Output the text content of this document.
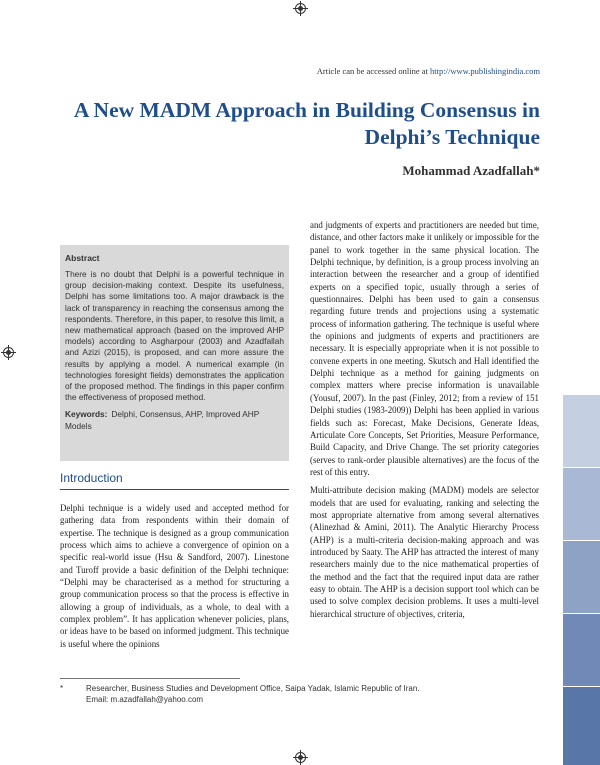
Article can be accessed online at http://www.publishingindia.com
A New MADM Approach in Building Consensus in Delphi’s Technique
Mohammad Azadfallah*
Abstract

There is no doubt that Delphi is a powerful technique in group decision-making context. Despite its usefulness, Delphi has some limitations too. A major drawback is the lack of transparency in reaching the consensus among the respondents. Therefore, in this paper, to resolve this limit, a new mathematical approach (based on the improved AHP models) according to Asgharpour (2003) and Azadfallah and Azizi (2015), is proposed, and can more assure the results by applying a model. A numerical example (in technologies foresight fields) demonstrates the application of the proposed method. The findings in this paper confirm the effectiveness of proposed method.

Keywords: Delphi, Consensus, AHP, Improved AHP Models
Introduction

Delphi technique is a widely used and accepted method for gathering data from respondents within their domain of expertise. The technique is designed as a group communication process which aims to achieve a convergence of opinion on a specific real-world issue (Hsu & Sandford, 2007). Linestone and Turoff provide a basic definition of the Delphi technique: “Delphi may be characterised as a method for structuring a group communication process so that the process is effective in allowing a group of individuals, as a whole, to deal with a complex problem”. It has application whenever policies, plans, or ideas have to be based on informed judgment. This technique is useful where the opinions

and judgments of experts and practitioners are needed but time, distance, and other factors make it unlikely or impossible for the panel to work together in the same physical location. The Delphi technique, by definition, is a group process involving an interaction between the researcher and a group of identified experts on a specified topic, usually through a series of questionnaires. Delphi has been used to gain a consensus regarding future trends and projections using a systematic process of information gathering. The technique is useful where the opinions and judgments of experts and practitioners are necessary. It is especially appropriate when it is not possible to convene experts in one meeting. Skutsch and Hall identified the Delphi technique as a method for gaining judgments on complex matters where precise information is unavailable (Yousuf, 2007). In the past (Finley, 2012; from a review of 151 Delphi studies (1983-2009)) Delphi has been applied in various fields such as: Forecast, Make Decisions, Generate Ideas, Articulate Core Concepts, Set Priorities, Measure Performance, Build Capacity, and Drive Change. The set priority categories (serves to rank-order plausible alternatives) are the focus of the rest of this entry.

Multi-attribute decision making (MADM) models are selector models that are used for evaluating, ranking and selecting the most appropriate alternative from among several alternatives (Alinezhad & Amini, 2011). The Analytic Hierarchy Process (AHP) is a multi-criteria decision-making approach and was introduced by Saaty. The AHP has attracted the interest of many researchers mainly due to the nice mathematical properties of the method and the fact that the required input data are rather easy to obtain. The AHP is a decision support tool which can be used to solve complex decision problems. It uses a multi-level hierarchical structure of objectives, criteria,

*	Researcher, Business Studies and Development Office, Saipa Yadak, Islamic Republic of Iran.
Email: m.azadfallah@yahoo.com
